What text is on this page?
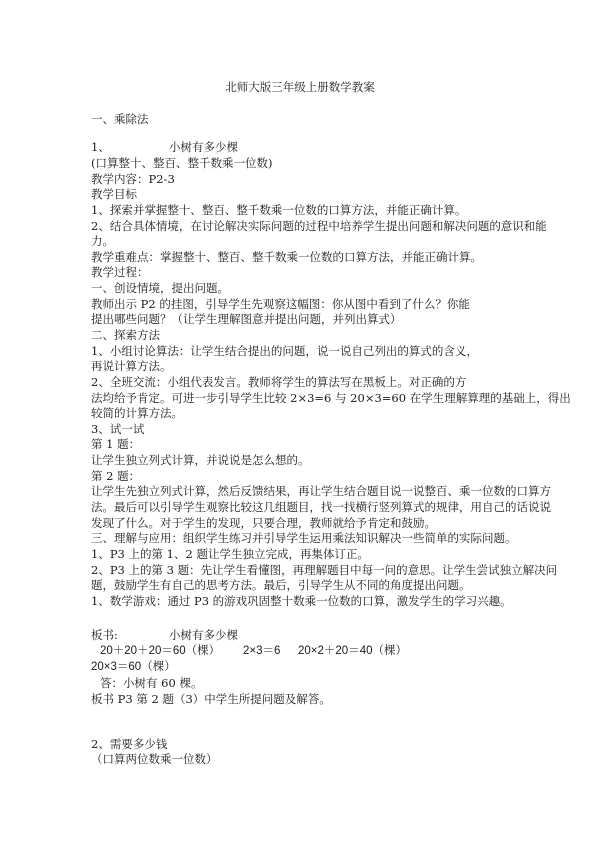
北师大版三年级上册数学教案
一、乘除法
1、	小树有多少棵
(口算整十、整百、整千数乘一位数)
教学内容：P2-3
教学目标
1、探索并掌握整十、整百、整千数乘一位数的口算方法，并能正确计算。
2、结合具体情境，在讨论解决实际问题的过程中培养学生提出问题和解决问题的意识和能
力。
教学重难点：掌握整十、整百、整千数乘一位数的口算方法，并能正确计算。
教学过程：
一、创设情境，提出问题。
教师出示 P2 的挂图，引导学生先观察这幅图：你从图中看到了什么？你能
提出哪些问题？（让学生理解图意并提出问题，并列出算式）
二、探索方法
1、小组讨论算法：让学生结合提出的问题，说一说自己列出的算式的含义，
再说计算方法。
2、全班交流：小组代表发言。教师将学生的算法写在黑板上。对正确的方
法均给予肯定。可进一步引导学生比较 2×3=6 与 20×3=60 在学生理解算理的基础上，得出
较简的计算方法。
3、试一试
第 1 题：
让学生独立列式计算，并说说是怎么想的。
第 2 题：
让学生先独立列式计算，然后反馈结果，再让学生结合题目说一说整百、乘一位数的口算方
法。最后可以引导学生观察比较这几组题目，找一找横行竖列算式的规律，用自己的话说说
发现了什么。对于学生的发现，只要合理，教师就给予肯定和鼓励。
三、理解与应用：组织学生练习并引导学生运用乘法知识解决一些简单的实际问题。
1、P3 上的第 1、2 题让学生独立完成，再集体订正。
2、P3 上的第 3 题：先让学生看懂图，再理解题目中每一问的意思。让学生尝试独立解决问
题，鼓励学生有自己的思考方法。最后，引导学生从不同的角度提出问题。
1、数学游戏：通过 P3 的游戏巩固整十数乘一位数的口算，激发学生的学习兴趣。
板书:	小树有多少棵
20＋20＋20＝60（棵） 2×3＝6 20×2＋20＝40（棵）
20×3＝60（棵）
答：小树有 60 棵。
板书 P3 第 2 题（3）中学生所提问题及解答。
2、需要多少钱
（口算两位数乘一位数）
